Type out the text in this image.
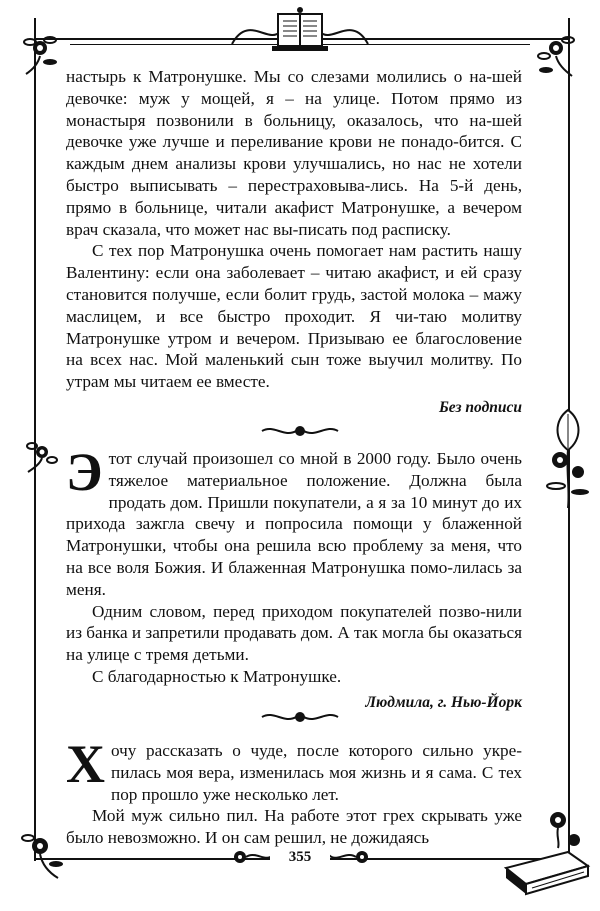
355

настырь к Матронушке. Мы со слезами молились о на-шей девочке: муж у мощей, я – на улице. Потом прямо из монастыря позвонили в больницу, оказалось, что на-шей девочке уже лучше и переливание крови не понадо-бится. С каждым днем анализы крови улучшались, но нас не хотели быстро выписывать – перестраховыва-лись. На 5-й день, прямо в больнице, читали акафист Матронушке, а вечером врач сказала, что может нас вы-писать под расписку.

С тех пор Матронушка очень помогает нам растить нашу Валентину: если она заболевает – читаю акафист, и ей сразу становится получше, если болит грудь, застой молока – мажу маслицем, и все быстро проходит. Я чи-таю молитву Матронушке утром и вечером. Призываю ее благословение на всех нас. Мой маленький сын тоже выучил молитву. По утрам мы читаем ее вместе.

Без подписи

Этот случай произошел со мной в 2000 году. Было очень тяжелое материальное положение. Должна была продать дом. Пришли покупатели, а я за 10 минут до их прихода зажгла свечу и попросила помощи у блаженной Матронушки, чтобы она решила всю проблему за меня, что на все воля Божия. И блаженная Матронушка помо-лилась за меня.

Одним словом, перед приходом покупателей позво-нили из банка и запретили продавать дом. А так могла бы оказаться на улице с тремя детьми.

С благодарностью к Матронушке.

Людмила, г. Нью-Йорк

Хочу рассказать о чуде, после которого сильно укре-пилась моя вера, изменилась моя жизнь и я сама. С тех пор прошло уже несколько лет.

Мой муж сильно пил. На работе этот грех скрывать уже было невозможно. И он сам решил, не дожидаясь
